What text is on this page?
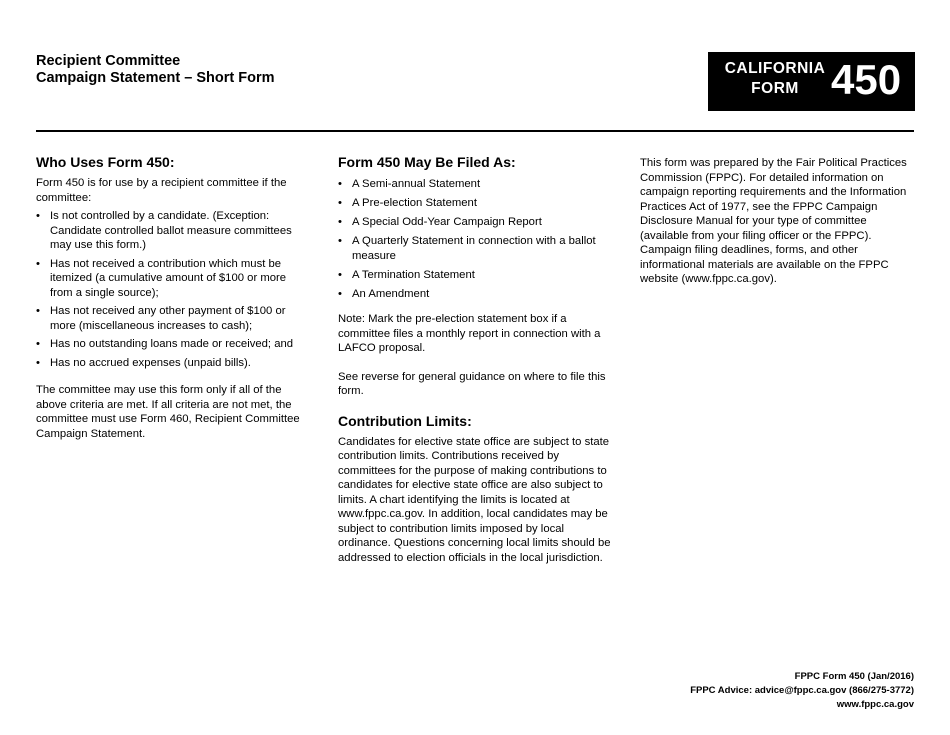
Recipient Committee
Campaign Statement – Short Form
CALIFORNIA
FORM 450
Who Uses Form 450:

Form 450 is for use by a recipient committee if the committee:

• Is not controlled by a candidate. (Exception: Candidate controlled ballot measure committees may use this form.)
• Has not received a contribution which must be itemized (a cumulative amount of $100 or more from a single source);
• Has not received any other payment of $100 or more (miscellaneous increases to cash);
• Has no outstanding loans made or received; and
• Has no accrued expenses (unpaid bills).

The committee may use this form only if all of the above criteria are met. If all criteria are not met, the committee must use Form 460, Recipient Committee Campaign Statement.

Form 450 May Be Filed As:
• A Semi-annual Statement
• A Pre-election Statement
• A Special Odd-Year Campaign Report
• A Quarterly Statement in connection with a ballot measure
• A Termination Statement
• An Amendment

Note: Mark the pre-election statement box if a committee files a monthly report in connection with a LAFCO proposal.

See reverse for general guidance on where to file this form.

Contribution Limits:

Candidates for elective state office are subject to state contribution limits. Contributions received by committees for the purpose of making contributions to candidates for elective state office are also subject to limits. A chart identifying the limits is located at www.fppc.ca.gov. In addition, local candidates may be subject to contribution limits imposed by local ordinance. Questions concerning local limits should be addressed to election officials in the local jurisdiction.

This form was prepared by the Fair Political Practices Commission (FPPC). For detailed information on campaign reporting requirements and the Information Practices Act of 1977, see the FPPC Campaign Disclosure Manual for your type of committee (available from your filing officer or the FPPC). Campaign filing deadlines, forms, and other informational materials are available on the FPPC website (www.fppc.ca.gov).

FPPC Form 450 (Jan/2016)
FPPC Advice: advice@fppc.ca.gov (866/275-3772)
www.fppc.ca.gov
